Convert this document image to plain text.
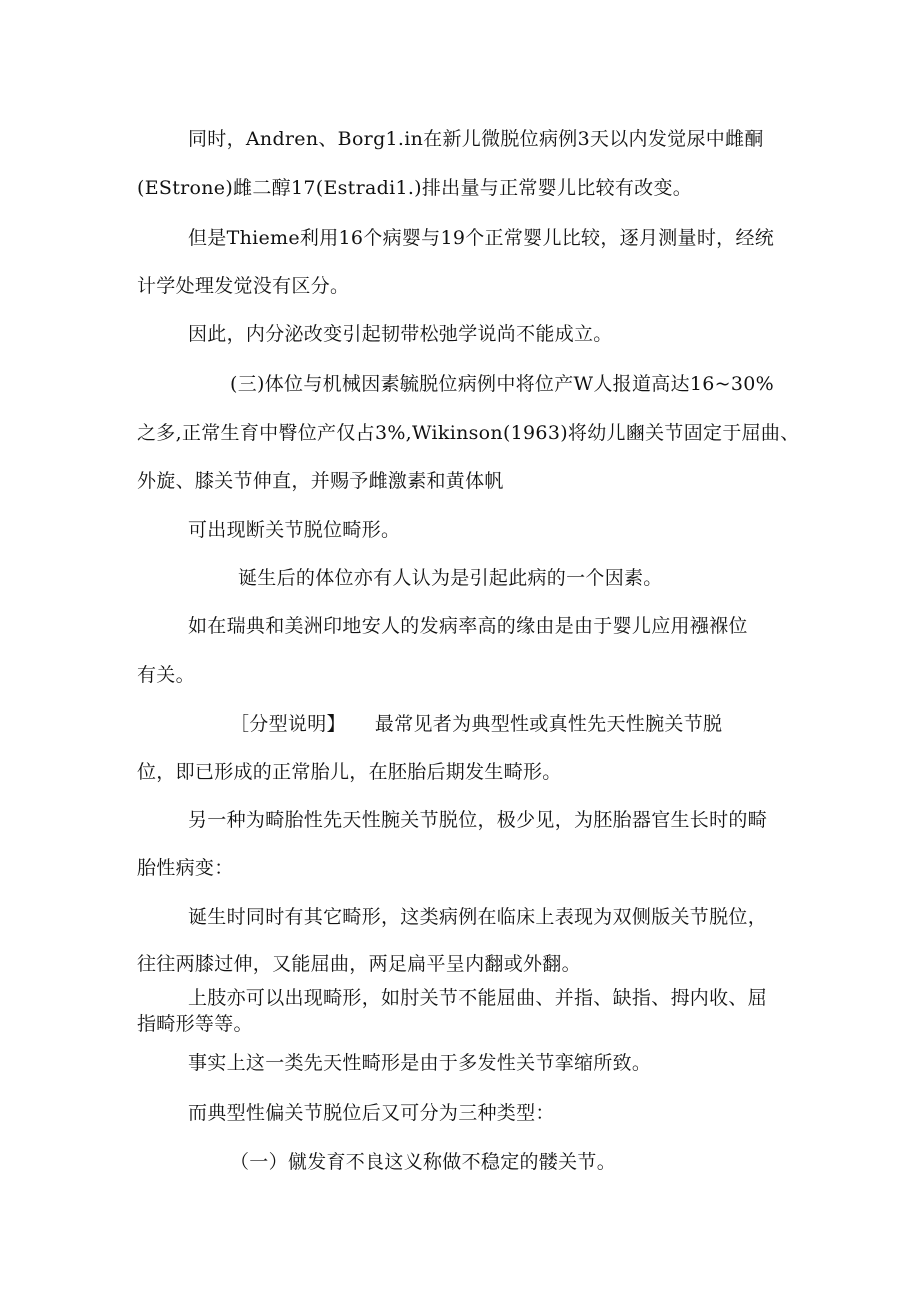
同时，Andren、Borg1.in在新儿微脱位病例3天以内发觉尿中雌酮
(EStrone)雌二醇17(Estradi1.)排出量与正常婴儿比较有改变。
但是Thieme利用16个病婴与19个正常婴儿比较，逐月测量时，经统
计学处理发觉没有区分。
因此，内分泌改变引起韧带松弛学说尚不能成立。
(三)体位与机械因素毓脱位病例中将位产W人报道高达16~30%
之多,正常生育中臀位产仅占3%,Wikinson(1963)将幼儿豳关节固定于屈曲、
外旋、膝关节伸直，并赐予雌激素和黄体帆
可出现断关节脱位畸形。
诞生后的体位亦有人认为是引起此病的一个因素。
如在瑞典和美洲印地安人的发病率高的缘由是由于婴儿应用襁褓位
有关。
［分型说明】　　最常见者为典型性或真性先天性腕关节脱
位，即已形成的正常胎儿，在胚胎后期发生畸形。
另一种为畸胎性先天性腕关节脱位，极少见，为胚胎器官生长时的畸
胎性病变：
诞生时同时有其它畸形，这类病例在临床上表现为双侧版关节脱位，
往往两膝过伸，又能屈曲，两足扁平呈内翻或外翻。
上肢亦可以出现畸形，如肘关节不能屈曲、并指、缺指、拇内收、屈
指畸形等等。
事实上这一类先天性畸形是由于多发性关节挛缩所致。
而典型性偏关节脱位后又可分为三种类型：
（一）僦发育不良这义称做不稳定的髅关节。
